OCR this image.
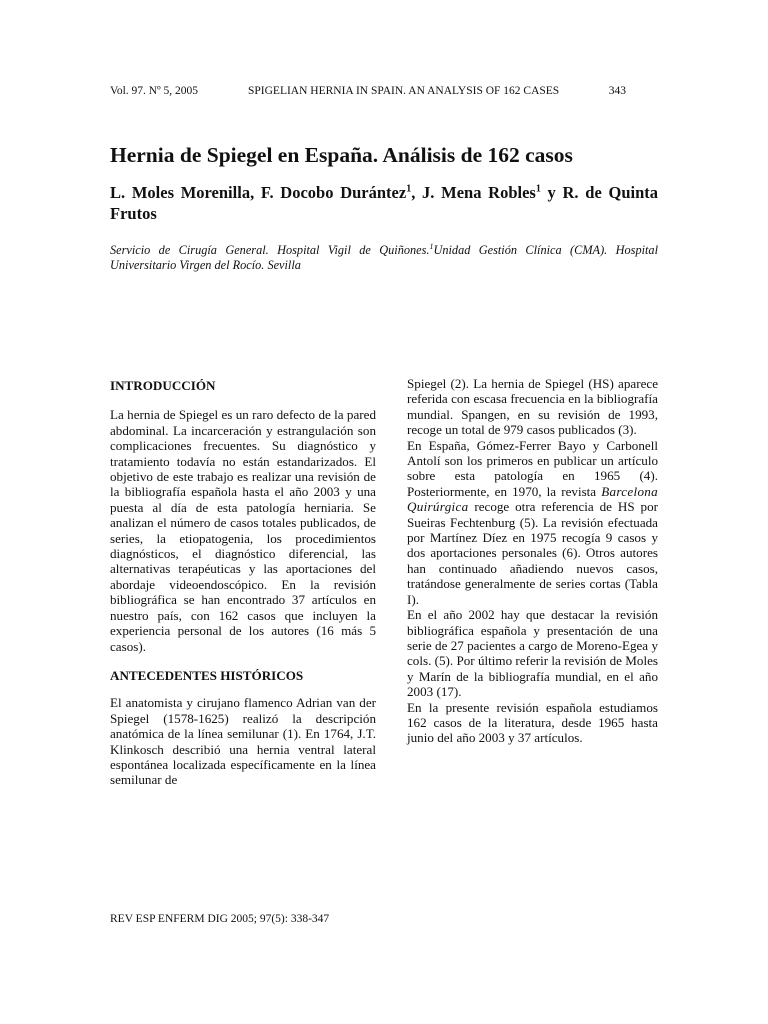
Vol. 97. Nº 5, 2005	SPIGELIAN HERNIA IN SPAIN. AN ANALYSIS OF 162 CASES	343
Hernia de Spiegel en España. Análisis de 162 casos

L. Moles Morenilla, F. Docobo Durántez$^1$, J. Mena Robles$^1$ y R. de Quinta Frutos

Servicio de Cirugía General. Hospital Vigil de Quiñones.$^1$Unidad Gestión Clínica (CMA). Hospital Universitario Virgen del Rocío. Sevilla

INTRODUCCIÓN

La hernia de Spiegel es un raro defecto de la pared abdominal. La incarceración y estrangulación son complicaciones frecuentes. Su diagnóstico y tratamiento todavía no están estandarizados. El objetivo de este trabajo es realizar una revisión de la bibliografía española hasta el año 2003 y una puesta al día de esta patología herniaria. Se analizan el número de casos totales publicados, de series, la etiopatogenia, los procedimientos diagnósticos, el diagnóstico diferencial, las alternativas terapéuticas y las aportaciones del abordaje videoendoscópico. En la revisión bibliográfica se han encontrado 37 artículos en nuestro país, con 162 casos que incluyen la experiencia personal de los autores (16 más 5 casos).

ANTECEDENTES HISTÓRICOS

El anatomista y cirujano flamenco Adrian van der Spiegel (1578-1625) realizó la descripción anatómica de la línea semilunar (1). En 1764, J.T. Klinkosch describió una hernia ventral lateral espontánea localizada específicamente en la línea semilunar de

Spiegel (2). La hernia de Spiegel (HS) aparece referida con escasa frecuencia en la bibliografía mundial. Spangen, en su revisión de 1993, recoge un total de 979 casos publicados (3).

En España, Gómez-Ferrer Bayo y Carbonell Antolí son los primeros en publicar un artículo sobre esta patología en 1965 (4). Posteriormente, en 1970, la revista Barcelona Quirúrgica recoge otra referencia de HS por Sueiras Fechtenburg (5). La revisión efectuada por Martínez Díez en 1975 recogía 9 casos y dos aportaciones personales (6). Otros autores han continuado añadiendo nuevos casos, tratándose generalmente de series cortas (Tabla I).

En el año 2002 hay que destacar la revisión bibliográfica española y presentación de una serie de 27 pacientes a cargo de Moreno-Egea y cols. (5). Por último referir la revisión de Moles y Marín de la bibliografía mundial, en el año 2003 (17).

En la presente revisión española estudiamos 162 casos de la literatura, desde 1965 hasta junio del año 2003 y 37 artículos.

REV ESP ENFERM DIG 2005; 97(5): 338-347
